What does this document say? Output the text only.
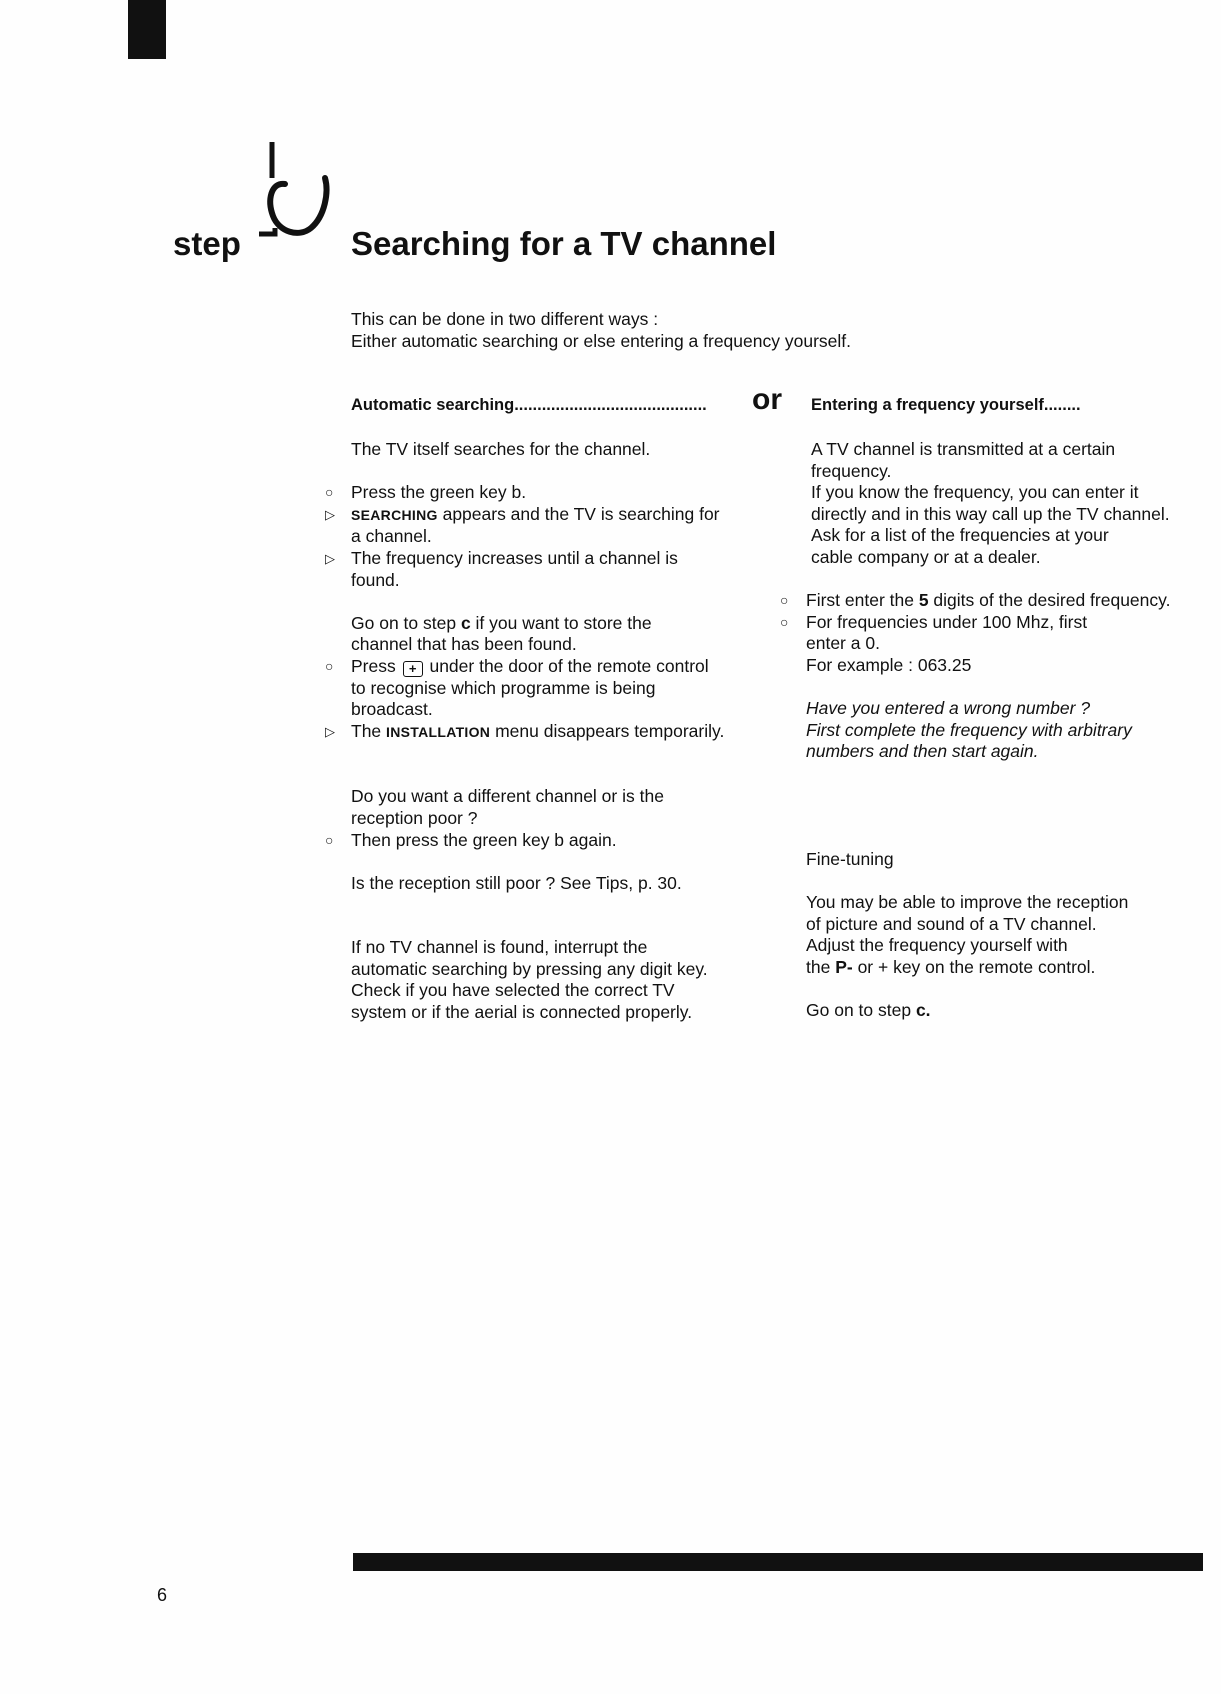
step	Searching for a TV channel
This can be done in two different ways :
Either automatic searching or else entering a frequency yourself.
Automatic searching.......................................... or Entering a frequency yourself........
The TV itself searches for the channel.
○ Press the green key b.
▷ SEARCHING appears and the TV is searching for
a channel.
▷ The frequency increases until a channel is
found.
Go on to step c if you want to store the
channel that has been found.
○ Press + under the door of the remote control
to recognise which programme is being
broadcast.
▷ The INSTALLATION menu disappears temporarily.
Do you want a different channel or is the
reception poor ?
○ Then press the green key b again.
Is the reception still poor ? See Tips, p. 30.
If no TV channel is found, interrupt the
automatic searching by pressing any digit key.
Check if you have selected the correct TV
system or if the aerial is connected properly.
A TV channel is transmitted at a certain
frequency.
If you know the frequency, you can enter it
directly and in this way call up the TV channel.
Ask for a list of the frequencies at your
cable company or at a dealer.
○ First enter the 5 digits of the desired frequency.
○ For frequencies under 100 Mhz, first
enter a 0.
For example : 063.25
Have you entered a wrong number ?
First complete the frequency with arbitrary
numbers and then start again.
Fine-tuning
You may be able to improve the reception
of picture and sound of a TV channel.
Adjust the frequency yourself with
the P- or + key on the remote control.
Go on to step c.
6
